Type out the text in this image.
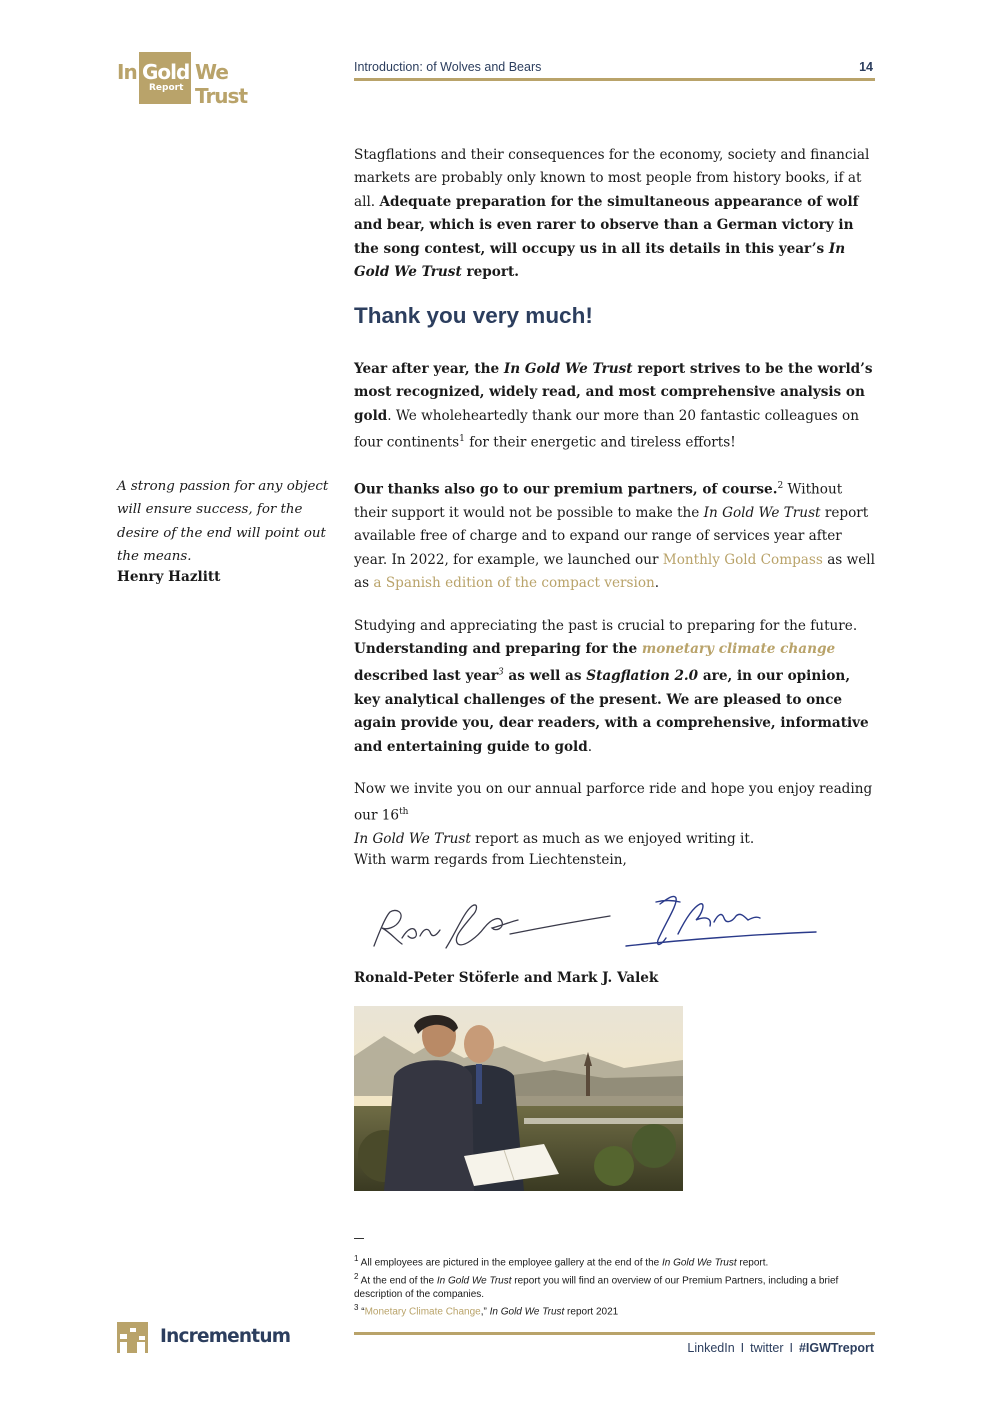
In Gold
Report
We Trust
Introduction: of Wolves and Bears	14

Stagflations and their consequences for the economy, society and financial markets are probably only known to most people from history books, if at all. Adequate preparation for the simultaneous appearance of wolf and bear, which is even rarer to observe than a German victory in the song contest, will occupy us in all its details in this year’s In Gold We Trust report.

Thank you very much!

Year after year, the In Gold We Trust report strives to be the world’s most recognized, widely read, and most comprehensive analysis on gold. We wholeheartedly thank our more than 20 fantastic colleagues on four continents$^1$ for their energetic and tireless efforts!

A strong passion for any object will ensure success, for the desire of the end will point out the means.
Henry Hazlitt

Our thanks also go to our premium partners, of course.$^2$ Without their support it would not be possible to make the In Gold We Trust report available free of charge and to expand our range of services year after year. In 2022, for example, we launched our Monthly Gold Compass as well as a Spanish edition of the compact version.

Studying and appreciating the past is crucial to preparing for the future. Understanding and preparing for the monetary climate change described last year$^3$ as well as Stagflation 2.0 are, in our opinion, key analytical challenges of the present. We are pleased to once again provide you, dear readers, with a comprehensive, informative and entertaining guide to gold.

Now we invite you on our annual parforce ride and hope you enjoy reading our 16th
In Gold We Trust report as much as we enjoyed writing it.

With warm regards from Liechtenstein,

Ronald-Peter Stöferle and Mark J. Valek

$^1$ All employees are pictured in the employee gallery at the end of the In Gold We Trust report.

$^2$ At the end of the In Gold We Trust report you will find an overview of our Premium Partners, including a brief description of the companies.

$^3$ “Monetary Climate Change,” In Gold We Trust report 2021

Incrementum
LinkedIn I twitter I #IGWTreport
